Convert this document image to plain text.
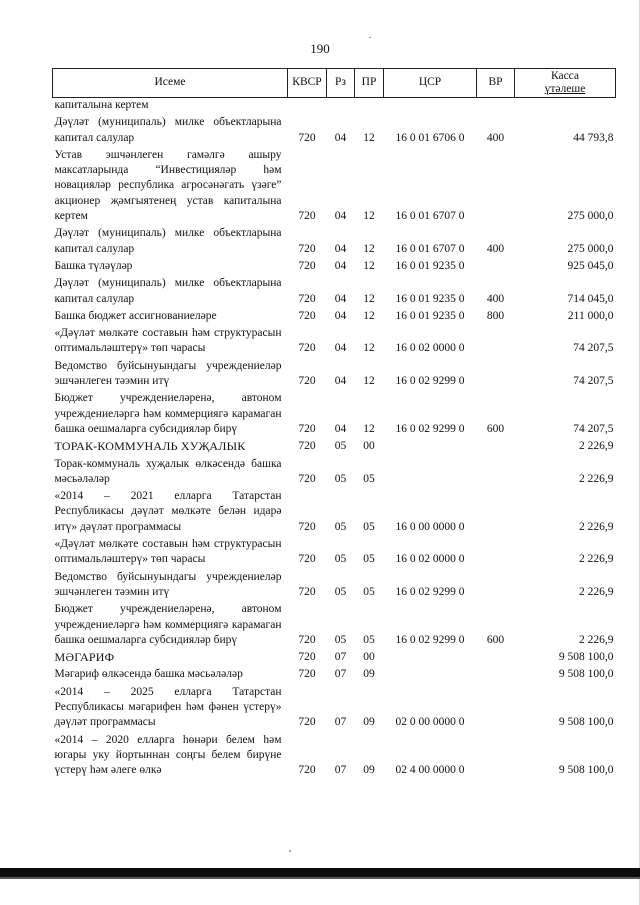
190
Исеме	КВСР	Рз	ПР	ЦСР	ВР	Касса
үтәлеше

капиталына кертем						
Дәүләт (муниципаль) милке объектларына капитал салулар	720	04	12	16 0 01 6706 0	400	44 793,8
Устав эшчәнлеген гамәлгә ашыру максатларында “Инвестицияләр һәм новацияләр республика агросәнәгать үзәге” акционер җәмгыятенең устав капиталына кертем	720	04	12	16 0 01 6707 0		275 000,0
Дәүләт (муниципаль) милке объектларына капитал салулар	720	04	12	16 0 01 6707 0	400	275 000,0
Башка түләүләр	720	04	12	16 0 01 9235 0		925 045,0
Дәүләт (муниципаль) милке объектларына капитал салулар	720	04	12	16 0 01 9235 0	400	714 045,0
Башка бюджет ассигнованиеләре	720	04	12	16 0 01 9235 0	800	211 000,0
«Дәүләт мөлкәте составын һәм структурасын оптимальләштерү» төп чарасы	720	04	12	16 0 02 0000 0		74 207,5
Ведомство буйсынуындагы учреждениеләр эшчәнлеген тәэмин итү	720	04	12	16 0 02 9299 0		74 207,5
Бюджет учреждениеләренә, автоном учреждениеләргә һәм коммерциягә карамаган башка оешмаларга субсидияләр бирү	720	04	12	16 0 02 9299 0	600	74 207,5
ТОРАК-КОММУНАЛЬ ХУҖАЛЫК	720	05	00			2 226,9
Торак-коммуналь хуҗалык өлкәсендә башка мәсьәләләр	720	05	05			2 226,9
«2014 – 2021 елларга Татарстан Республикасы дәүләт мөлкәте белән идарә итү» дәүләт программасы	720	05	05	16 0 00 0000 0		2 226,9
«Дәүләт мөлкәте составын һәм структурасын оптимальләштерү» төп чарасы	720	05	05	16 0 02 0000 0		2 226,9
Ведомство буйсынуындагы учреждениеләр эшчәнлеген тәэмин итү	720	05	05	16 0 02 9299 0		2 226,9
Бюджет учреждениеләренә, автоном учреждениеләргә һәм коммерциягә карамаган башка оешмаларга субсидияләр бирү	720	05	05	16 0 02 9299 0	600	2 226,9
МӘГАРИФ	720	07	00			9 508 100,0
Мәгариф өлкәсендә башка мәсьәләләр	720	07	09			9 508 100,0
«2014 – 2025 елларга Татарстан Республикасы мәгарифен һәм фәнен үстерү» дәүләт программасы	720	07	09	02 0 00 0000 0		9 508 100,0
«2014 – 2020 елларга һөнәри белем һәм югары уку йортыннан соңгы белем бирүне үстерү һәм әлеге өлкә	720	07	09	02 4 00 0000 0		9 508 100,0
